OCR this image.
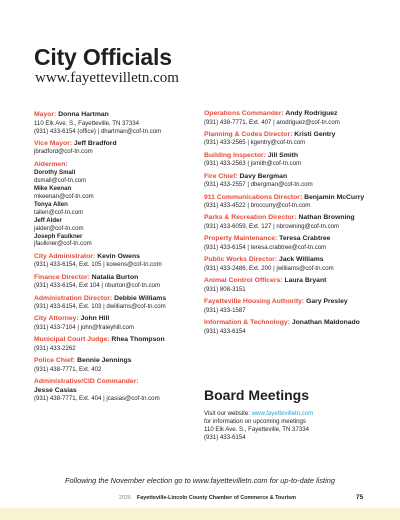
City Officials
www.fayettevilletn.com
Mayor: Donna Hartman
110 Elk Ave. S., Fayetteville, TN 37334
(931) 433-6154 (office) | dhartman@cof-tn.com
Vice Mayor: Jeff Bradford
jbradford@cof-tn.com
Aldermen:
Dorothy Small
dsmall@cof-tn.com
Mike Keenan
mkeenan@cof-tn.com
Tonya Allen
tallen@cof-tn.com
Jeff Alder
jalder@cof-tn.com
Joseph Faulkner
jfaulkner@cof-tn.com
City Administrator: Kevin Owens
(931) 433-6154, Ext. 105 | kowens@cof-tn.com
Finance Director: Natalia Burton
(931) 433-6154, Ext 104 | nburton@cof-tn.com
Administration Director: Debbie Williams
(931) 433-6154, Ext. 103 | dwilliams@cof-tn.com
City Attorney: John Hill
(931) 433-7104 | john@fraleyhill.com
Municipal Court Judge: Rhea Thompson
(931) 433-2262
Police Chief: Bennie Jennings
(931) 438-7771, Ext. 402
Administrative/CID Commander:
Jesse Casias
(931) 438-7771, Ext. 404 | jcasias@cof-tn.com
Operations Commander: Andy Rodriguez
(931) 438-7771, Ext. 407 | arodriguez@cof-tn.com
Planning & Codes Director: Kristi Gentry
(931) 433-2565 | kgentry@cof-tn.com
Building Inspector: Jill Smith
(931) 433-2563 | jsmith@cof-tn.com
Fire Chief: Davy Bergman
(931) 433-2557 | dbergman@cof-tn.com
911 Communications Director: Benjamin McCurry
(931) 433-4522 | bmccurry@cof-tn.com
Parks & Recreation Director: Nathan Browning
(931) 433-6059, Ext. 127 | nbrowning@cof-tn.com
Property Maintenance: Teresa Crabtree
(931) 433-6154 | teresa.crabtree@cof-tn.com
Public Works Director: Jack Williams
(931) 433-2486, Ext. 200 | jwilliams@cof-tn.com
Animal Control Officers: Laura Bryant
(931) 808-3151
Fayetteville Housing Authority: Gary Presley
(931) 433-1587
Information & Technology: Jonathan Maldonado
(931) 433-6154
Board Meetings
Visit our website: www.fayettevilletn.com
for information on upcoming meetings
110 Elk Ave. S., Fayetteville, TN 37334
(931) 433-6154
Following the November election go to www.fayettevilletn.com for up-to-date listing
2026 Fayetteville-Lincoln County Chamber of Commerce & Tourism	75
